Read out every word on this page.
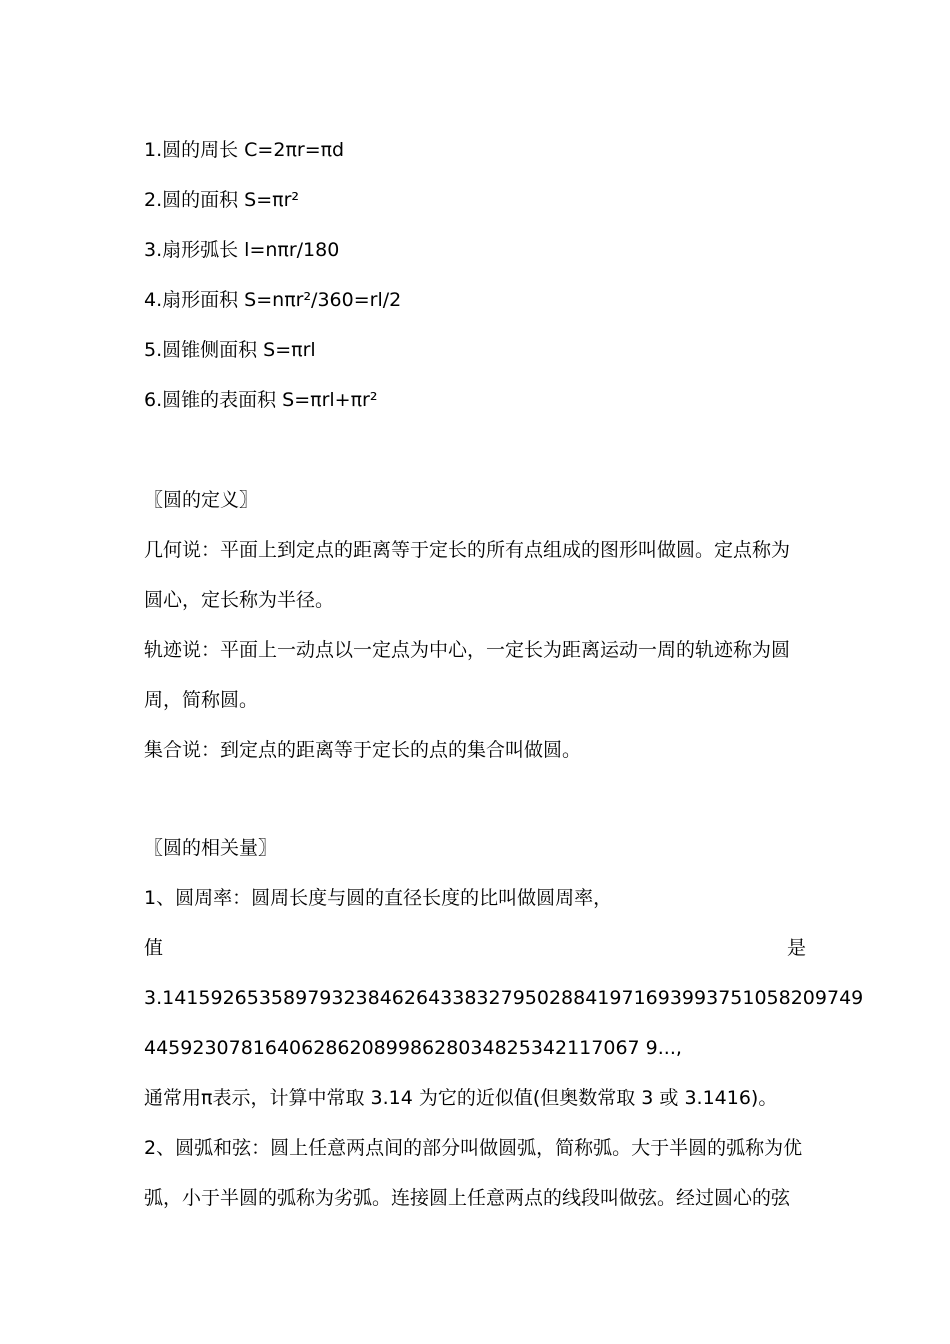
1.圆的周长 C=2πr=πd

2.圆的面积 S=πr²

3.扇形弧长 l=nπr/180

4.扇形面积 S=nπr²/360=rl/2

5.圆锥侧面积 S=πrl

6.圆锥的表面积 S=πrl+πr²

〖圆的定义〗

几何说：平面上到定点的距离等于定长的所有点组成的图形叫做圆。定点称为

圆心，定长称为半径。

轨迹说：平面上一动点以一定点为中心，一定长为距离运动一周的轨迹称为圆

周，简称圆。

集合说：到定点的距离等于定长的点的集合叫做圆。

〖圆的相关量〗

1、圆周率：圆周长度与圆的直径长度的比叫做圆周率，

值	是

3.1415926535897932384626433832795028841971693993751058209749

44592307816406286208998628034825342117067 9...,

通常用π表示，计算中常取 3.14 为它的近似值(但奥数常取 3 或 3.1416)。

2、圆弧和弦：圆上任意两点间的部分叫做圆弧，简称弧。大于半圆的弧称为优

弧，小于半圆的弧称为劣弧。连接圆上任意两点的线段叫做弦。经过圆心的弦
